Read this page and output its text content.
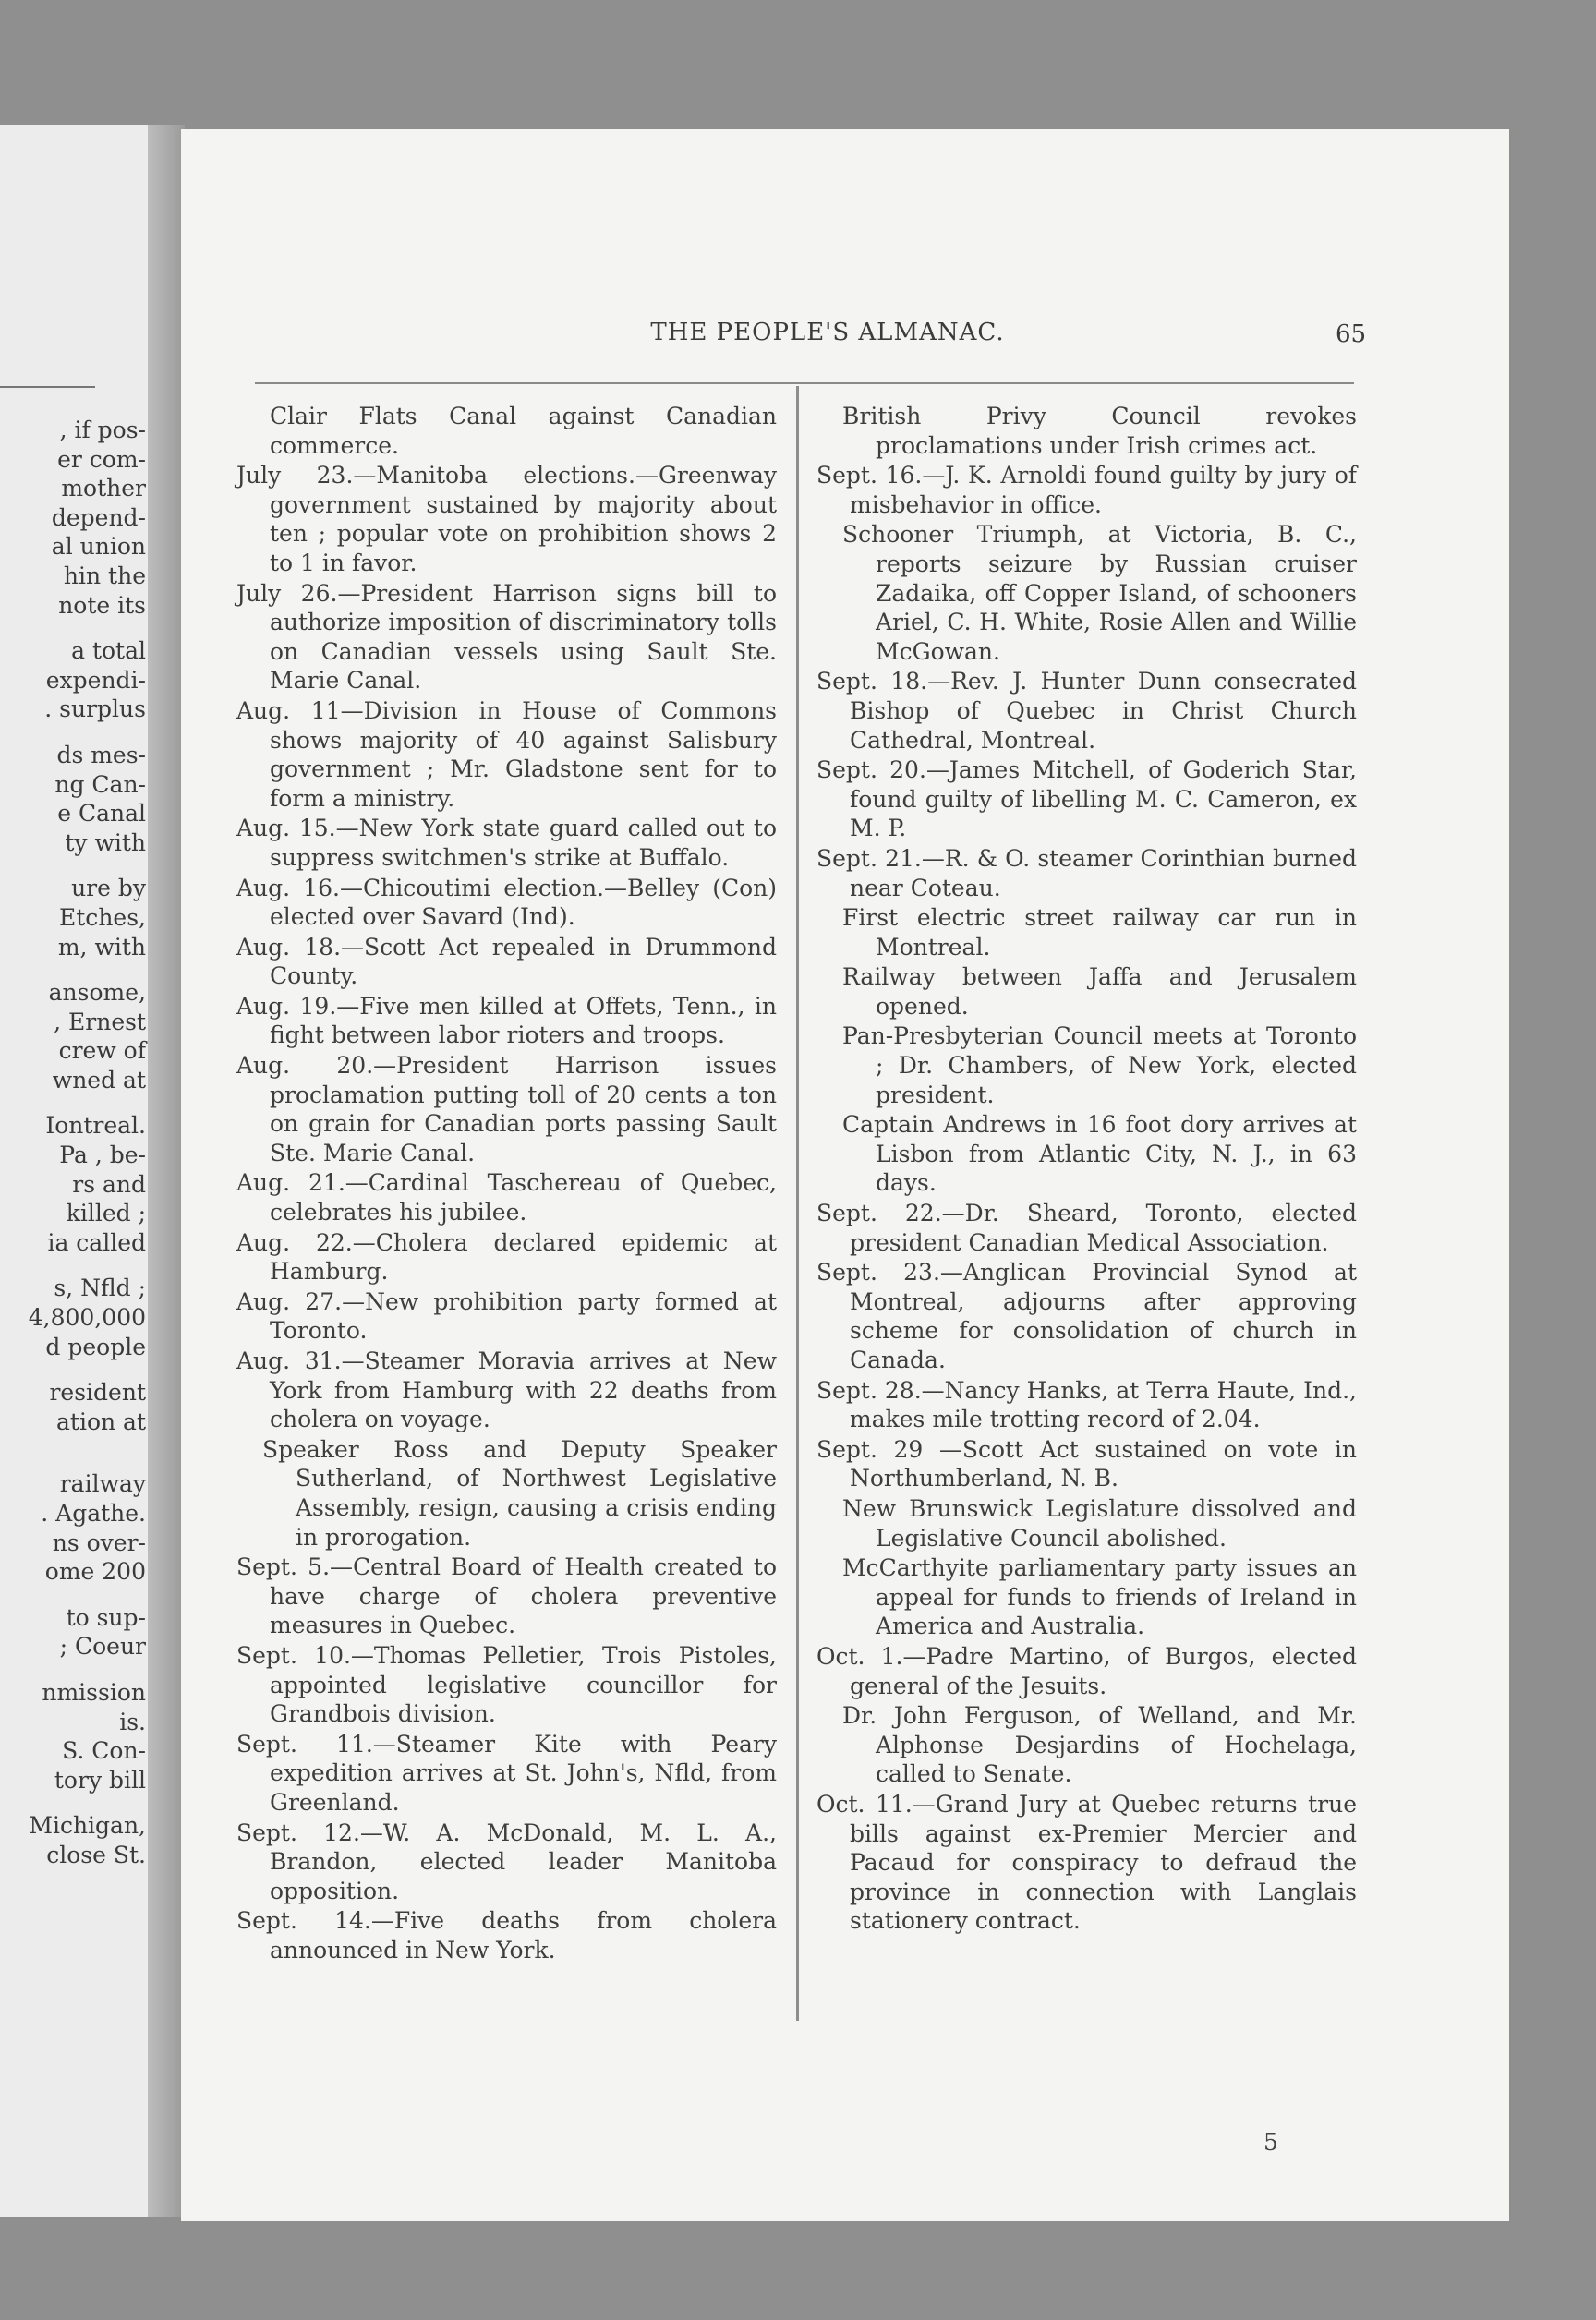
, if pos-
er com-
mother
depend-
al union
hin the
note its

a total
expendi-
. surplus

ds mes-
ng Can-
e Canal
ty with

ure by
Etches,
m, with

ansome,
, Ernest
crew of
wned at

Iontreal.
Pa , be-
rs and
killed ;
ia called

s, Nfld ;
4,800,000
d people

resident
ation at

railway
. Agathe.
ns over-
ome 200

to sup-
; Coeur

nmission
is.
S. Con-
tory bill

Michigan,
close St.
THE PEOPLE'S ALMANAC.	65

Clair Flats Canal against Canadian commerce.

July 23.—Manitoba elections.—Greenway government sustained by majority about ten ; popular vote on prohibition shows 2 to 1 in favor.

July 26.—President Harrison signs bill to authorize imposition of discriminatory tolls on Canadian vessels using Sault Ste. Marie Canal.

Aug. 11—Division in House of Commons shows majority of 40 against Salisbury government ; Mr. Gladstone sent for to form a ministry.

Aug. 15.—New York state guard called out to suppress switchmen's strike at Buffalo.

Aug. 16.—Chicoutimi election.—Belley (Con) elected over Savard (Ind).

Aug. 18.—Scott Act repealed in Drummond County.

Aug. 19.—Five men killed at Offets, Tenn., in fight between labor rioters and troops.

Aug. 20.—President Harrison issues proclamation putting toll of 20 cents a ton on grain for Canadian ports passing Sault Ste. Marie Canal.

Aug. 21.—Cardinal Taschereau of Quebec, celebrates his jubilee.

Aug. 22.—Cholera declared epidemic at Hamburg.

Aug. 27.—New prohibition party formed at Toronto.

Aug. 31.—Steamer Moravia arrives at New York from Hamburg with 22 deaths from cholera on voyage.

Speaker Ross and Deputy Speaker Sutherland, of Northwest Legislative Assembly, resign, causing a crisis ending in prorogation.

Sept. 5.—Central Board of Health created to have charge of cholera preventive measures in Quebec.

Sept. 10.—Thomas Pelletier, Trois Pistoles, appointed legislative councillor for Grandbois division.

Sept. 11.—Steamer Kite with Peary expedition arrives at St. John's, Nfld, from Greenland.

Sept. 12.—W. A. McDonald, M. L. A., Brandon, elected leader Manitoba opposition.

Sept. 14.—Five deaths from cholera announced in New York.

British Privy Council revokes proclamations under Irish crimes act.

Sept. 16.—J. K. Arnoldi found guilty by jury of misbehavior in office.

Schooner Triumph, at Victoria, B. C., reports seizure by Russian cruiser Zadaika, off Copper Island, of schooners Ariel, C. H. White, Rosie Allen and Willie McGowan.

Sept. 18.—Rev. J. Hunter Dunn consecrated Bishop of Quebec in Christ Church Cathedral, Montreal.

Sept. 20.—James Mitchell, of Goderich Star, found guilty of libelling M. C. Cameron, ex M. P.

Sept. 21.—R. & O. steamer Corinthian burned near Coteau.

First electric street railway car run in Montreal.

Railway between Jaffa and Jerusalem opened.

Pan-Presbyterian Council meets at Toronto ; Dr. Chambers, of New York, elected president.

Captain Andrews in 16 foot dory arrives at Lisbon from Atlantic City, N. J., in 63 days.

Sept. 22.—Dr. Sheard, Toronto, elected president Canadian Medical Association.

Sept. 23.—Anglican Provincial Synod at Montreal, adjourns after approving scheme for consolidation of church in Canada.

Sept. 28.—Nancy Hanks, at Terra Haute, Ind., makes mile trotting record of 2.04.

Sept. 29 —Scott Act sustained on vote in Northumberland, N. B.

New Brunswick Legislature dissolved and Legislative Council abolished.

McCarthyite parliamentary party issues an appeal for funds to friends of Ireland in America and Australia.

Oct. 1.—Padre Martino, of Burgos, elected general of the Jesuits.

Dr. John Ferguson, of Welland, and Mr. Alphonse Desjardins of Hochelaga, called to Senate.

Oct. 11.—Grand Jury at Quebec returns true bills against ex-Premier Mercier and Pacaud for conspiracy to defraud the province in connection with Langlais stationery contract.

5
